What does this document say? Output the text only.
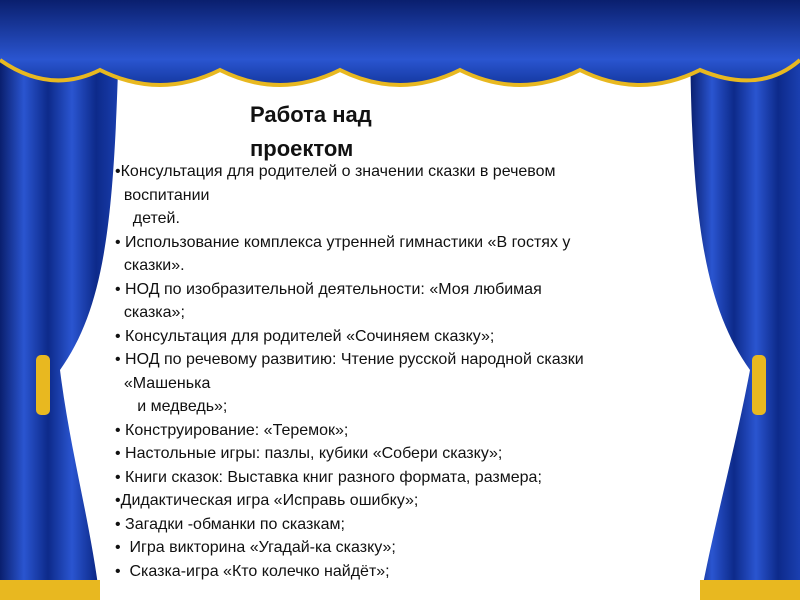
Работа над проектом
•Консультация для родителей о значении сказки в речевом
воспитании
детей.
• Использование комплекса утренней гимнастики «В гостях у
сказки».
• НОД по изобразительной деятельности: «Моя любимая
сказка»;
• Консультация для родителей «Сочиняем сказку»;
• НОД по речевому развитию: Чтение русской народной сказки
«Машенька
и медведь»;
• Конструирование: «Теремок»;
• Настольные игры: пазлы, кубики «Собери сказку»;
• Книги сказок: Выставка книг разного формата, размера;
•Дидактическая игра «Исправь ошибку»;
• Загадки -обманки по сказкам;
•  Игра викторина «Угадай-ка сказку»;
•  Сказка-игра «Кто колечко найдёт»;
